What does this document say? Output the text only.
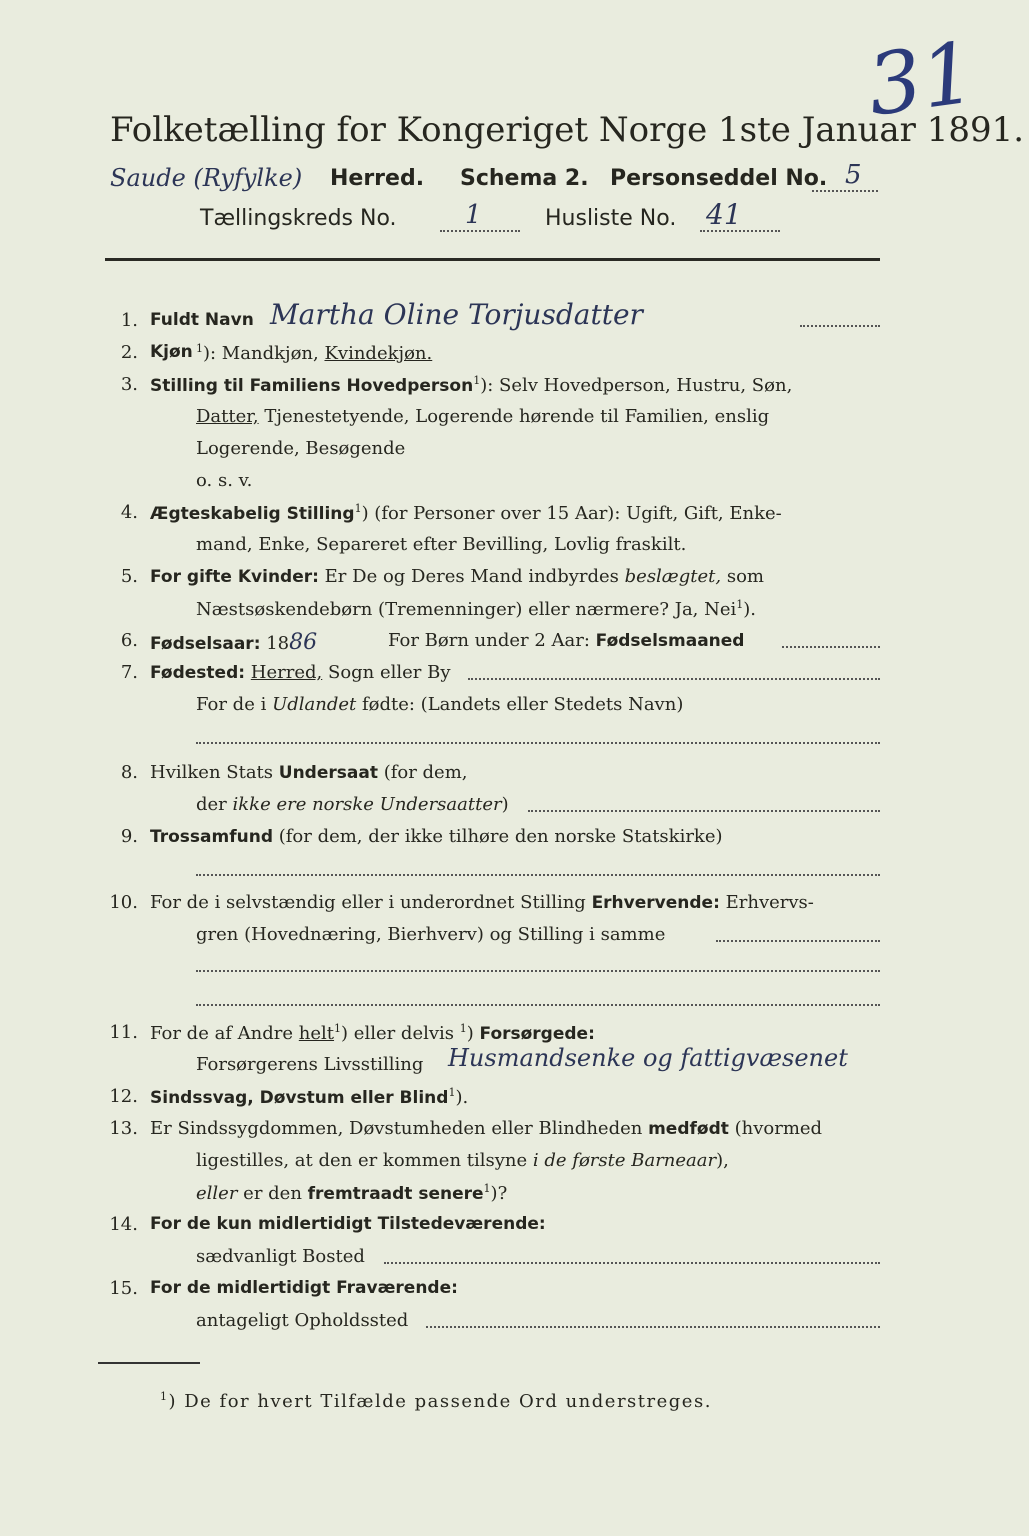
31
Folketælling for Kongeriget Norge 1ste Januar 1891.
Saude (Ryfylke) Herred. Schema 2. Personseddel No. 5
Tællingskreds No.	1	Husliste No. 41
1. Fuldt Navn Martha Oline Torjusdatter
2. Kjøn $^1$): Mandkjøn, Kvindekjøn.
3. Stilling til Familiens Hovedperson$^1$): Selv Hovedperson, Hustru, Søn,
Datter, Tjenestetyende, Logerende hørende til Familien, enslig
Logerende, Besøgende
o. s. v.
4. Ægteskabelig Stilling$^1$) (for Personer over 15 Aar): Ugift, Gift, Enke-
mand, Enke, Separeret efter Bevilling, Lovlig fraskilt.
5. For gifte Kvinder: Er De og Deres Mand indbyrdes beslægtet, som
Næstsøskendebørn (Tremenninger) eller nærmere? Ja, Nei$^1$).
6. Fødselsaar: 1886	For Børn under 2 Aar: Fødselsmaaned
7. Fødested: Herred, Sogn eller By
For de i Udlandet fødte: (Landets eller Stedets Navn)
8. Hvilken Stats Undersaat (for dem,
der ikke ere norske Undersaatter)
9. Trossamfund (for dem, der ikke tilhøre den norske Statskirke)
10. For de i selvstændig eller i underordnet Stilling Erhvervende: Erhvervs-
gren (Hovednæring, Bierhverv) og Stilling i samme
11. For de af Andre helt$^1$) eller delvis $^1$) Forsørgede:
Forsørgerens Livsstilling Husmandsenke og fattigvæsenet
12. Sindssvag, Døvstum eller Blind$^1$).
13. Er Sindssygdommen, Døvstumheden eller Blindheden medfødt (hvormed
ligestilles, at den er kommen tilsyne i de første Barneaar),
eller er den fremtraadt senere$^1$)?
14. For de kun midlertidigt Tilstedeværende:
sædvanligt Bosted
15. For de midlertidigt Fraværende:
antageligt Opholdssted
$^1$) De for hvert Tilfælde passende Ord understreges.
